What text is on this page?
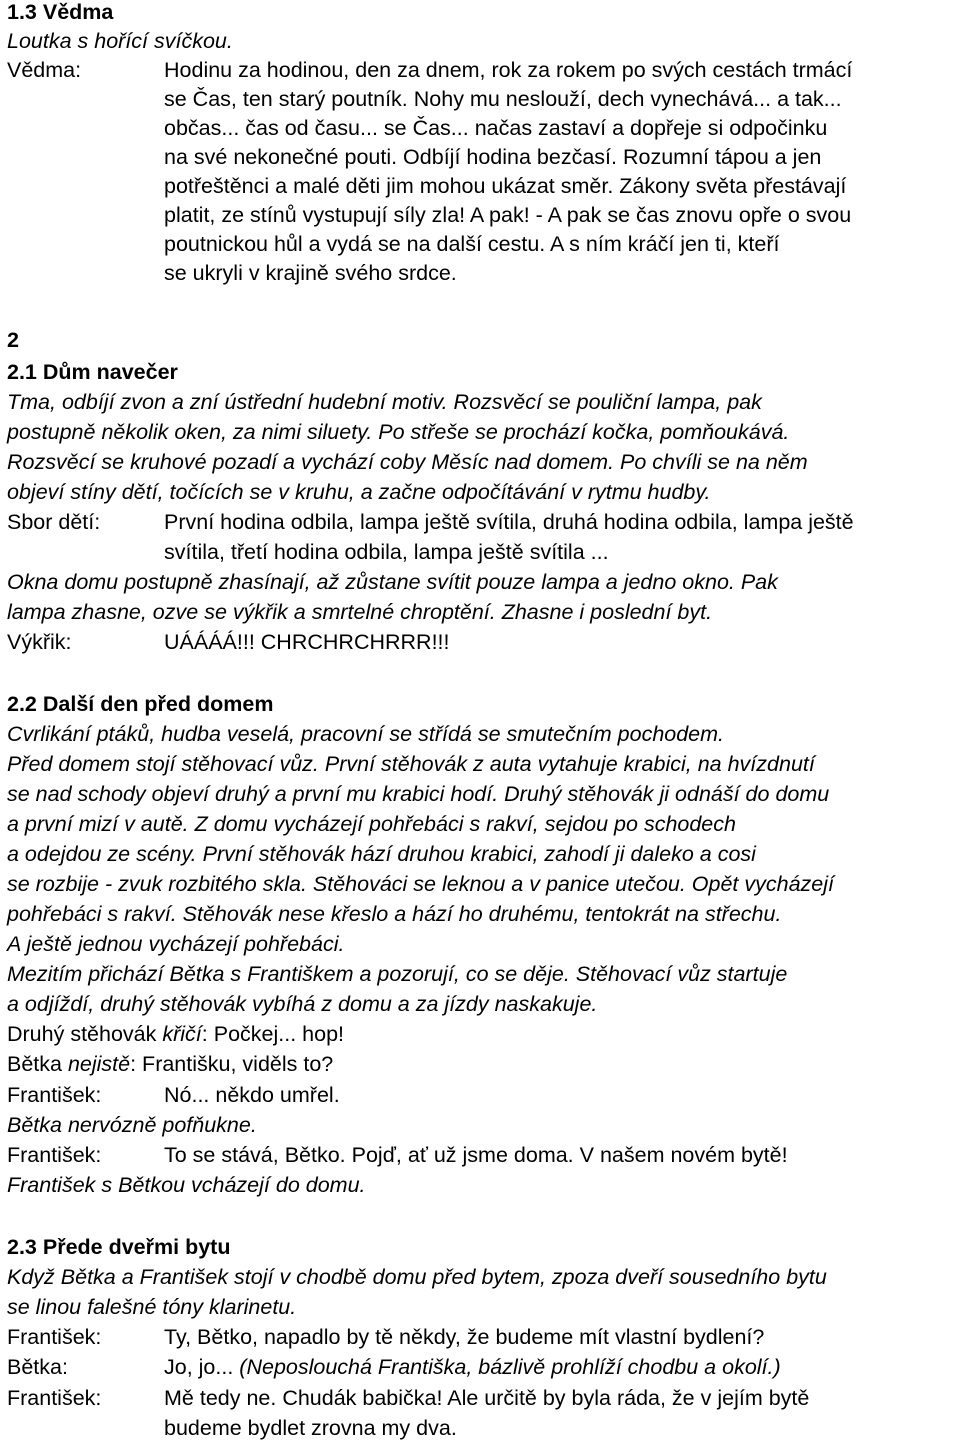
1.3 Vědma
Loutka s hořící svíčkou.
Vědma:	Hodinu za hodinou, den za dnem, rok za rokem po svých cestách trmácí
se Čas, ten starý poutník. Nohy mu neslouží, dech vynechává... a tak...
občas... čas od času... se Čas... načas zastaví a dopřeje si odpočinku
na své nekonečné pouti. Odbíjí hodina bezčasí. Rozumní tápou a jen
potřeštěnci a malé děti jim mohou ukázat směr. Zákony světa přestávají
platit, ze stínů vystupují síly zla! A pak! - A pak se čas znovu opře o svou
poutnickou hůl a vydá se na další cestu. A s ním kráčí jen ti, kteří
se ukryli v krajině svého srdce.
2
2.1 Dům navečer
Tma, odbíjí zvon a zní ústřední hudební motiv. Rozsvěcí se pouliční lampa, pak
postupně několik oken, za nimi siluety. Po střeše se prochází kočka, pomňoukává.
Rozsvěcí se kruhové pozadí a vychází coby Měsíc nad domem. Po chvíli se na něm
objeví stíny dětí, točících se v kruhu, a začne odpočítávání v rytmu hudby.
Sbor dětí:	První hodina odbila, lampa ještě svítila, druhá hodina odbila, lampa ještě
svítila, třetí hodina odbila, lampa ještě svítila ...
Okna domu postupně zhasínají, až zůstane svítit pouze lampa a jedno okno. Pak
lampa zhasne, ozve se výkřik a smrtelné chroptění. Zhasne i poslední byt.
Výkřik:	UÁÁÁÁ!!! CHRCHRCHRRR!!!
2.2 Další den před domem
Cvrlikání ptáků, hudba veselá, pracovní se střídá se smutečním pochodem.
Před domem stojí stěhovací vůz. První stěhovák z auta vytahuje krabici, na hvízdnutí
se nad schody objeví druhý a první mu krabici hodí. Druhý stěhovák ji odnáší do domu
a první mizí v autě. Z domu vycházejí pohřebáci s rakví, sejdou po schodech
a odejdou ze scény. První stěhovák hází druhou krabici, zahodí ji daleko a cosi
se rozbije - zvuk rozbitého skla. Stěhováci se leknou a v panice utečou. Opět vycházejí
pohřebáci s rakví. Stěhovák nese křeslo a hází ho druhému, tentokrát na střechu.
A ještě jednou vycházejí pohřebáci.
Mezitím přichází Bětka s Františkem a pozorují, co se děje. Stěhovací vůz startuje
a odjíždí, druhý stěhovák vybíhá z domu a za jízdy naskakuje.
Druhý stěhovák křičí: Počkej... hop!
Bětka nejistě: Františku, viděls to?
František:	Nó... někdo umřel.
Bětka nervózně pofňukne.
František:	To se stává, Bětko. Pojď, ať už jsme doma. V našem novém bytě!
František s Bětkou vcházejí do domu.
2.3 Přede dveřmi bytu
Když Bětka a František stojí v chodbě domu před bytem, zpoza dveří sousedního bytu
se linou falešné tóny klarinetu.
František:	Ty, Bětko, napadlo by tě někdy, že budeme mít vlastní bydlení?
Bětka:	Jo, jo... (Neposlouchá Františka, bázlivě prohlíží chodbu a okolí.)
František:	Mě tedy ne. Chudák babička! Ale určitě by byla ráda, že v jejím bytě
budeme bydlet zrovna my dva.
